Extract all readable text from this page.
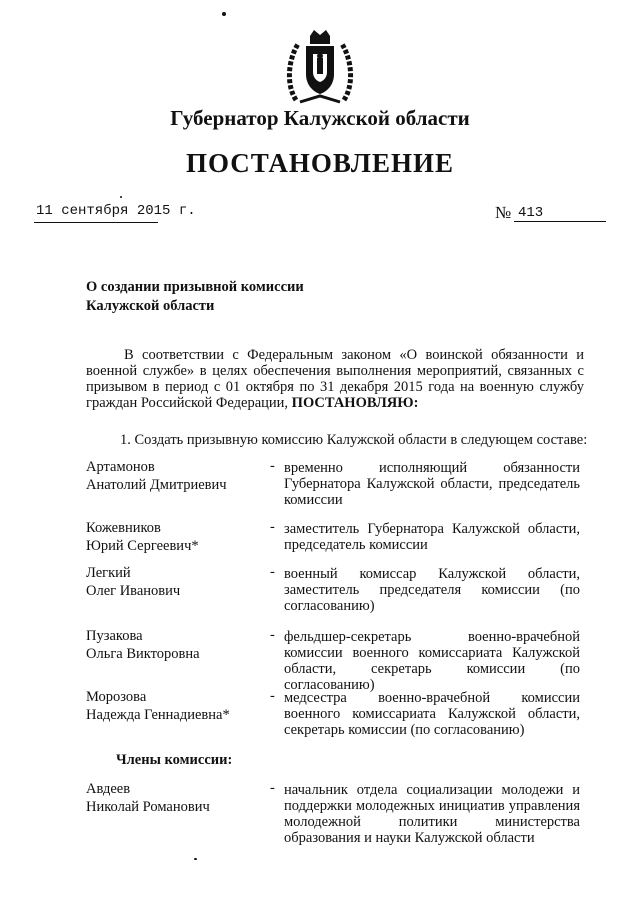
Губернатор Калужской области
ПОСТАНОВЛЕНИЕ
11 сентября 2015 г.	№ 413
О создании призывной комиссии
Калужской области
В соответствии с Федеральным законом «О воинской обязанности и военной службе» в целях обеспечения выполнения мероприятий, связанных с призывом в период с 01 октября по 31 декабря 2015 года на военную службу граждан Российской Федерации, ПОСТАНОВЛЯЮ:
1. Создать призывную комиссию Калужской области в следующем составе:
Артамонов
Анатолий Дмитриевич
- временно исполняющий обязанности Губернатора Калужской области, председатель комиссии
Кожевников
Юрий Сергеевич*
- заместитель Губернатора Калужской области, председатель комиссии
Легкий
Олег Иванович
- военный комиссар Калужской области, заместитель председателя комиссии (по согласованию)
Пузакова
Ольга Викторовна
- фельдшер-секретарь военно-врачебной комиссии военного комиссариата Калужской области, секретарь комиссии (по согласованию)
Морозова
Надежда Геннадиевна*
- медсестра военно-врачебной комиссии военного комиссариата Калужской области, секретарь комиссии (по согласованию)
Члены комиссии:
Авдеев
Николай Романович
- начальник отдела социализации молодежи и поддержки молодежных инициатив управления молодежной политики министерства образования и науки Калужской области
